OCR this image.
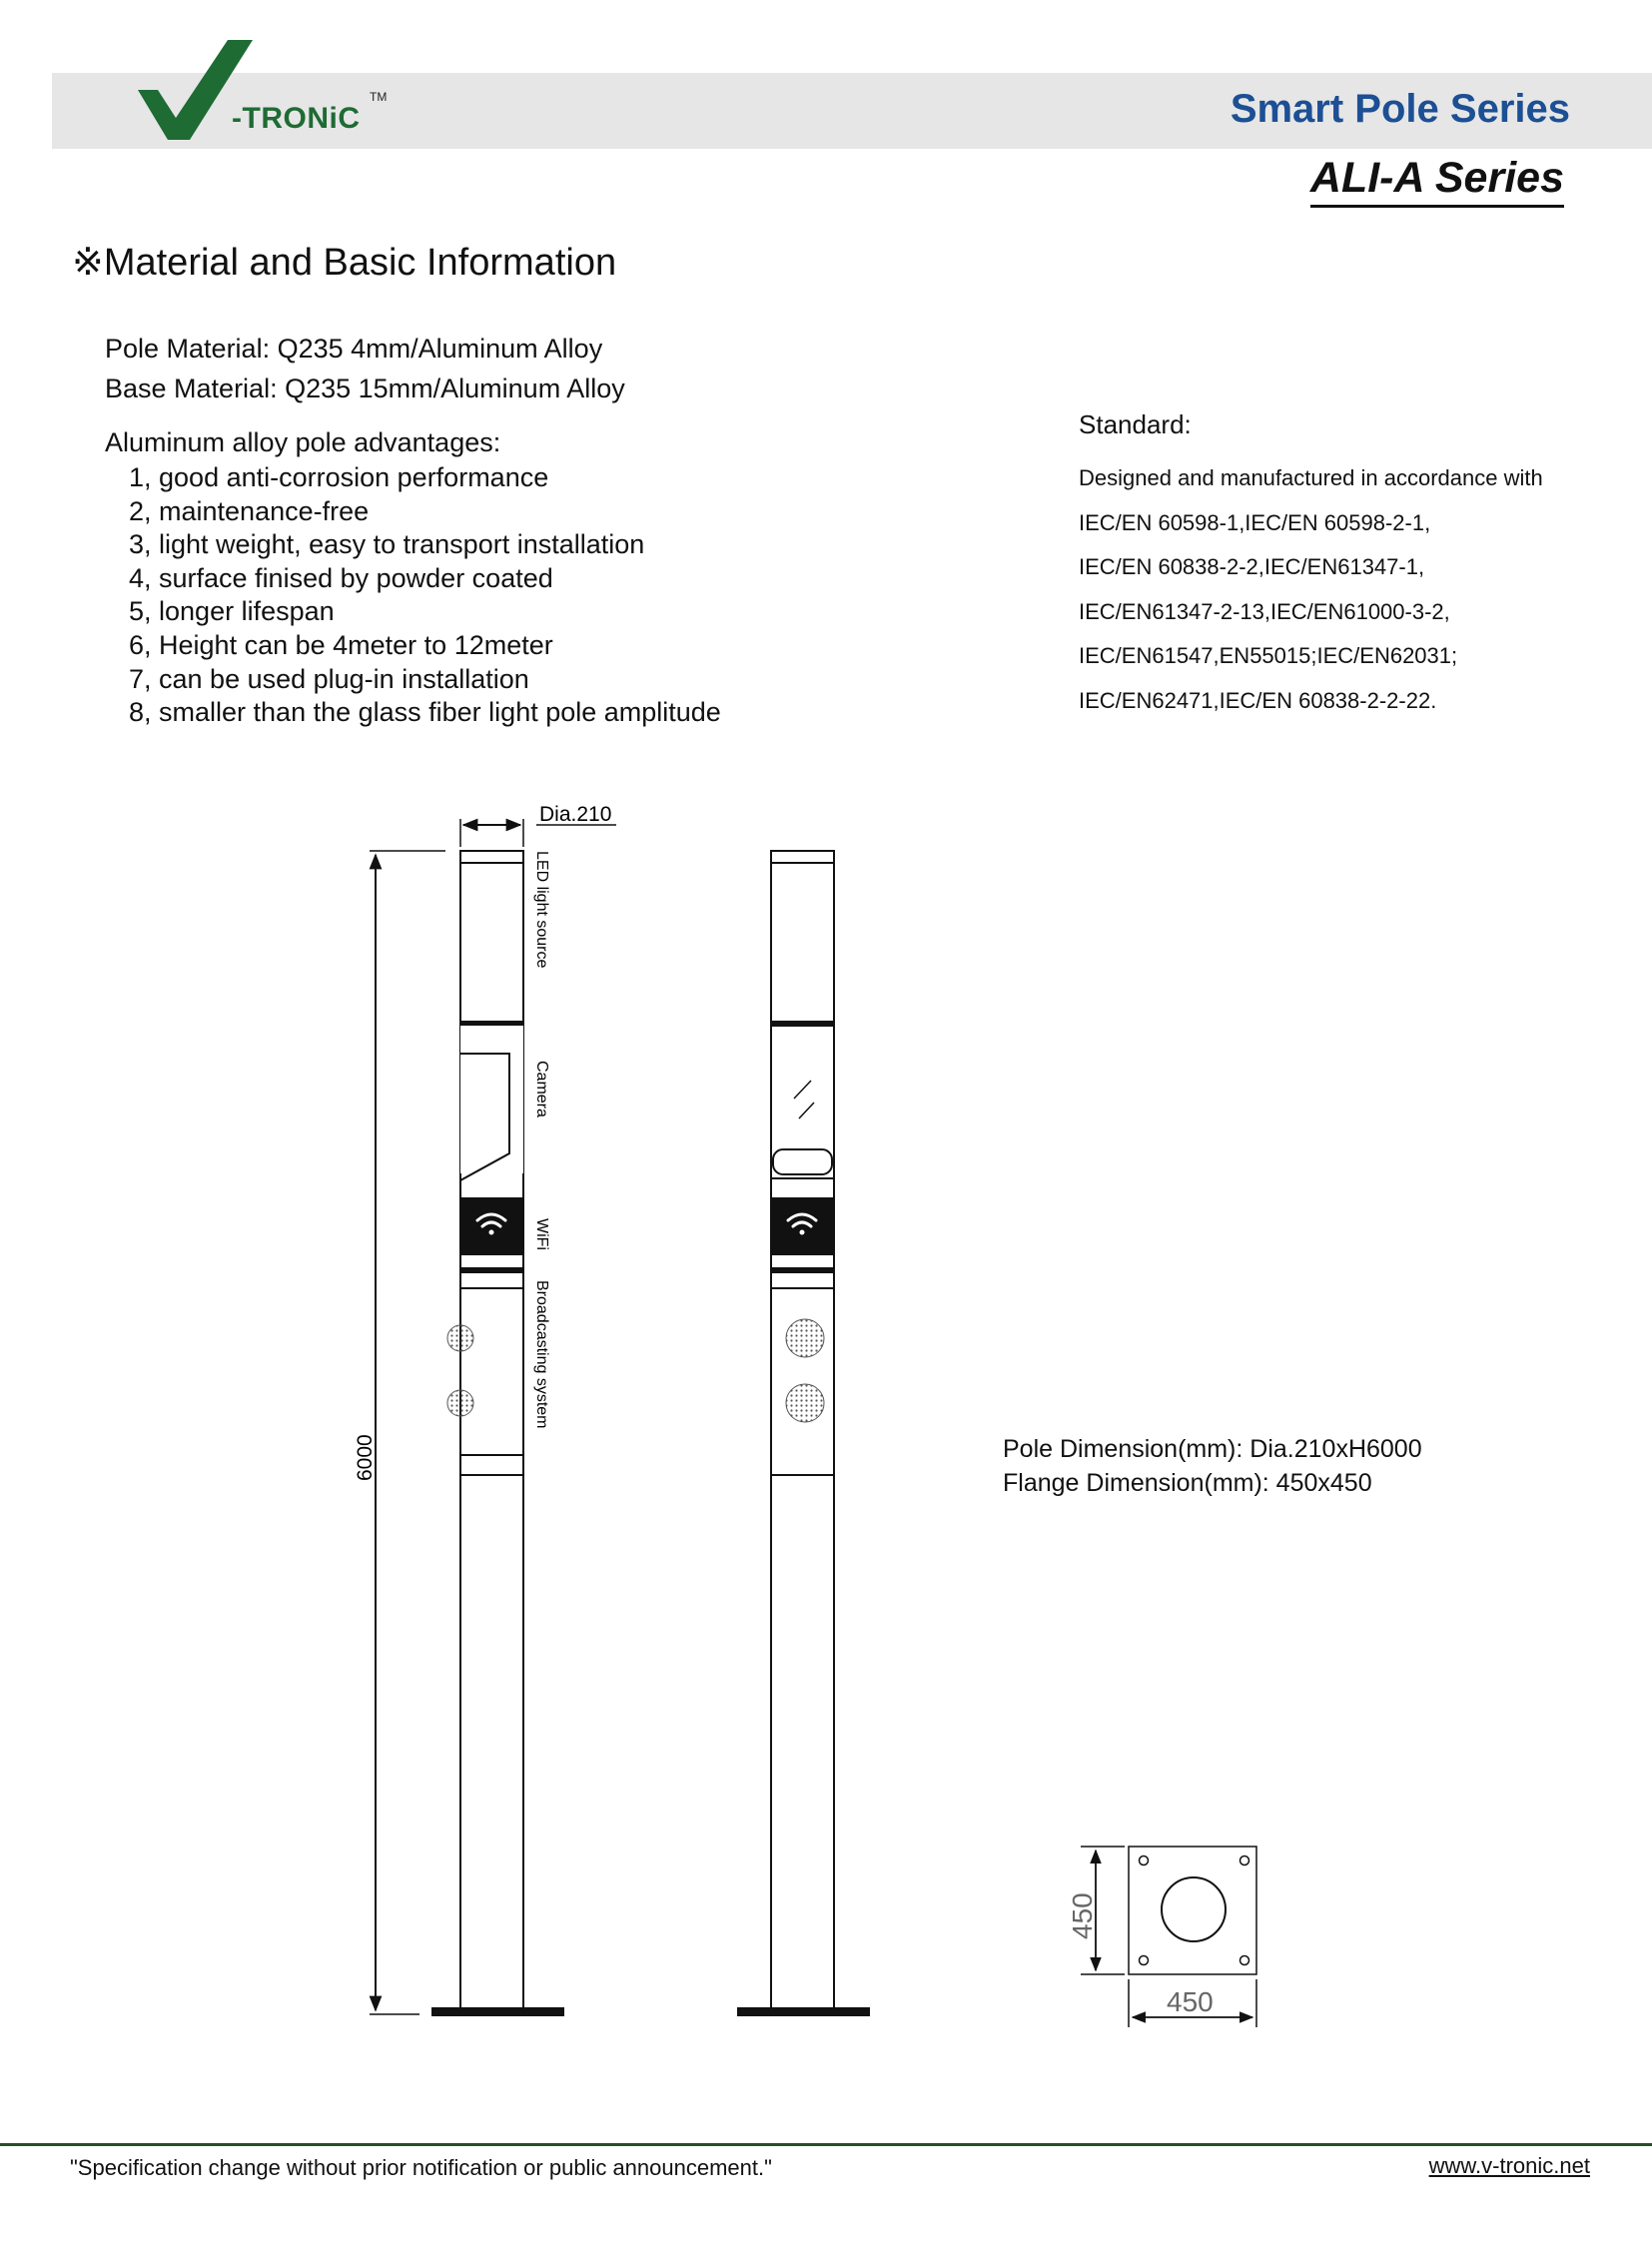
-TRONiC
TM	Smart Pole Series
ALI-A Series
※Material and Basic Information
Pole Material: Q235 4mm/Aluminum Alloy
Base Material: Q235 15mm/Aluminum Alloy
Aluminum alloy pole advantages:
1, good anti-corrosion performance
2, maintenance-free
3, light weight, easy to transport installation
4, surface finised by powder coated
5, longer lifespan
6, Height can be 4meter to 12meter
7, can be used plug-in installation
8, smaller than the glass fiber light pole amplitude
Standard:
Designed and manufactured in accordance with
IEC/EN 60598-1,IEC/EN 60598-2-1,
IEC/EN 60838-2-2,IEC/EN61347-1,
IEC/EN61347-2-13,IEC/EN61000-3-2,
IEC/EN61547,EN55015;IEC/EN62031;
IEC/EN62471,IEC/EN 60838-2-2-22.
Dia.210
6000
LED light source
Camera
WiFi
Broadcasting system
450
450
Pole Dimension(mm): Dia.210xH6000
Flange Dimension(mm): 450x450
"Specification change without prior notification or public announcement."	www.v-tronic.net
